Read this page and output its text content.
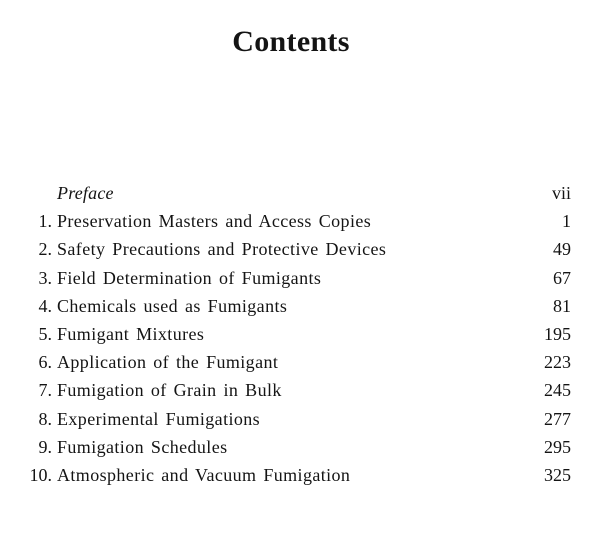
Contents
Preface	vii
1. Preservation Masters and Access Copies	1
2. Safety Precautions and Protective Devices	49
3. Field Determination of Fumigants	67
4. Chemicals used as Fumigants	81
5. Fumigant Mixtures	195
6. Application of the Fumigant	223
7. Fumigation of Grain in Bulk	245
8. Experimental Fumigations	277
9. Fumigation Schedules	295
10. Atmospheric and Vacuum Fumigation	325
